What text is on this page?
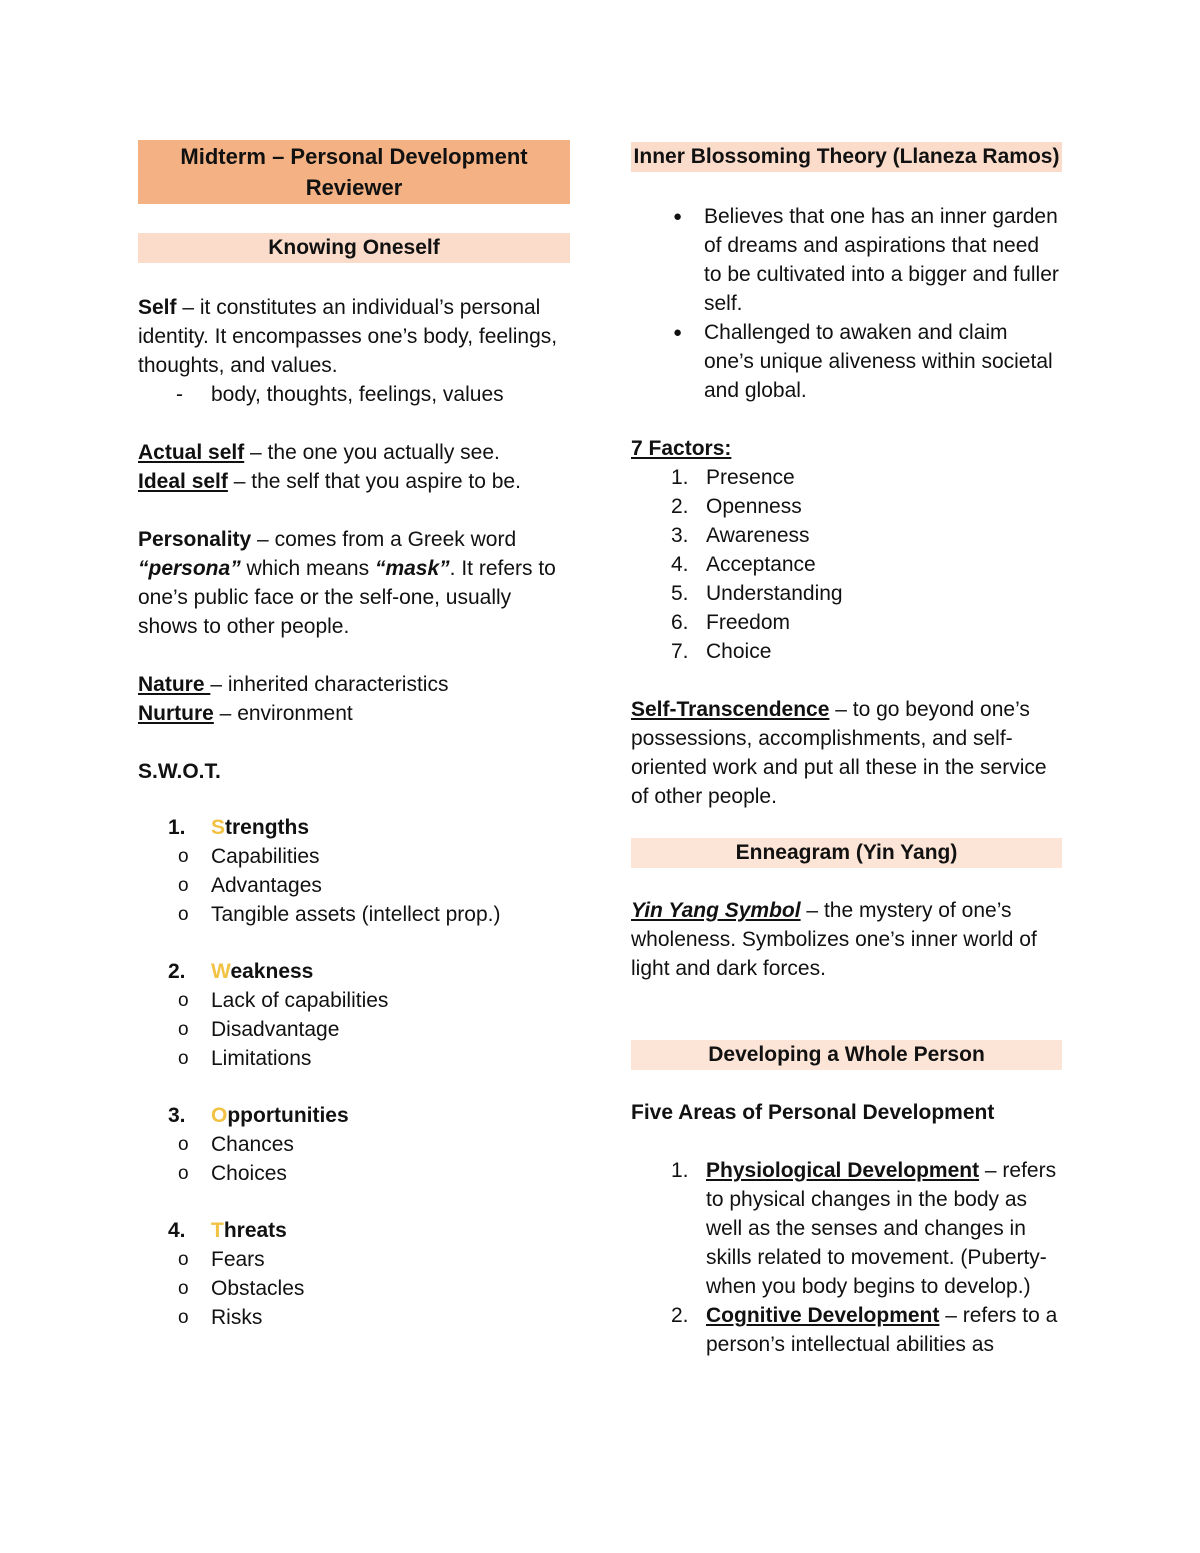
Midterm – Personal Development Reviewer
Knowing Oneself

Self – it constitutes an individual’s personal identity. It encompasses one’s body, feelings, thoughts, and values.

-	body, thoughts, feelings, values

Actual self – the one you actually see.

Ideal self – the self that you aspire to be.

Personality – comes from a Greek word “persona” which means “mask”. It refers to one’s public face or the self-one, usually shows to other people.

Nature – inherited characteristics

Nurture – environment

S.W.O.T.

1.	Strengths
o	Capabilities
o	Advantages
o	Tangible assets (intellect prop.)
2.	Weakness
o	Lack of capabilities
o	Disadvantage
o	Limitations
3.	Opportunities
o	Chances
o	Choices
4.	Threats
o	Fears
o	Obstacles
o	Risks
Inner Blossoming Theory (Llaneza Ramos)
●	Believes that one has an inner garden of dreams and aspirations that need to be cultivated into a bigger and fuller self.
●	Challenged to awaken and claim one’s unique aliveness within societal and global.

7 Factors:

1. Presence
2. Openness
3. Awareness
4. Acceptance
5. Understanding
6. Freedom
7. Choice

Self-Transcendence – to go beyond one’s possessions, accomplishments, and self-oriented work and put all these in the service of other people.

Enneagram (Yin Yang)

Yin Yang Symbol – the mystery of one’s wholeness. Symbolizes one’s inner world of light and dark forces.

Developing a Whole Person

Five Areas of Personal Development

1. Physiological Development – refers to physical changes in the body as well as the senses and changes in skills related to movement. (Puberty- when you body begins to develop.)
2. Cognitive Development – refers to a person’s intellectual abilities as
